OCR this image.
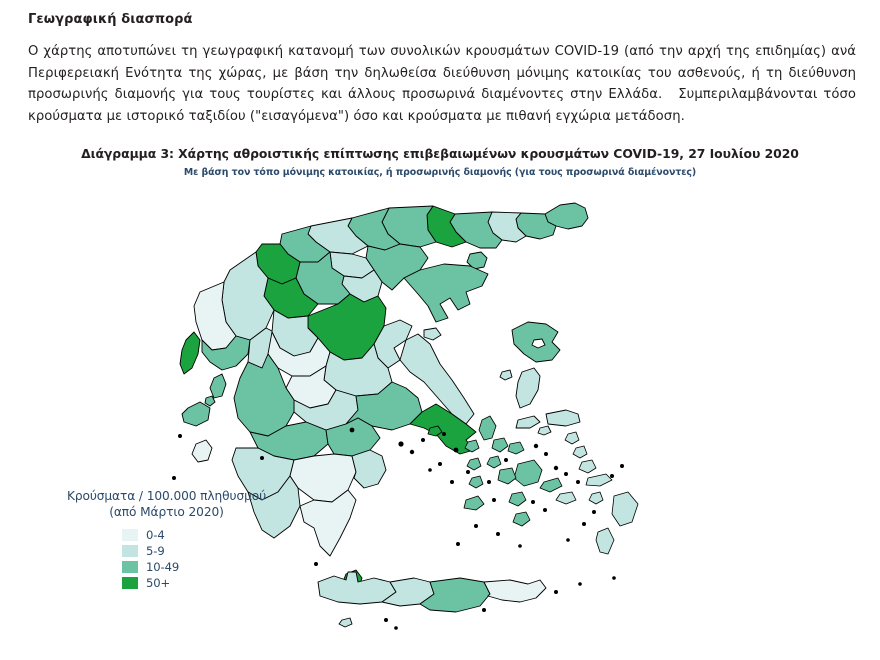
Γεωγραφική διασπορά
Ο χάρτης αποτυπώνει τη γεωγραφική κατανομή των συνολικών κρουσμάτων COVID-19 (από την αρχή της επιδημίας) ανά Περιφερειακή Ενότητα της χώρας, με βάση την δηλωθείσα διεύθυνση μόνιμης κατοικίας του ασθενούς, ή τη διεύθυνση προσωρινής διαμονής για τους τουρίστες και άλλους προσωρινά διαμένοντες στην Ελλάδα. Συμπεριλαμβάνονται τόσο κρούσματα με ιστορικό ταξιδίου ("εισαγόμενα") όσο και κρούσματα με πιθανή εγχώρια μετάδοση.
Διάγραμμα 3: Χάρτης αθροιστικής επίπτωσης επιβεβαιωμένων κρουσμάτων COVID-19, 27 Ιουλίου 2020
Με βάση τον τόπο μόνιμης κατοικίας, ή προσωρινής διαμονής (για τους προσωρινά διαμένοντες)
Κρούσματα / 100.000 πληθυσμού
(από Μάρτιο 2020)
0-4
5-9
10-49
50+
